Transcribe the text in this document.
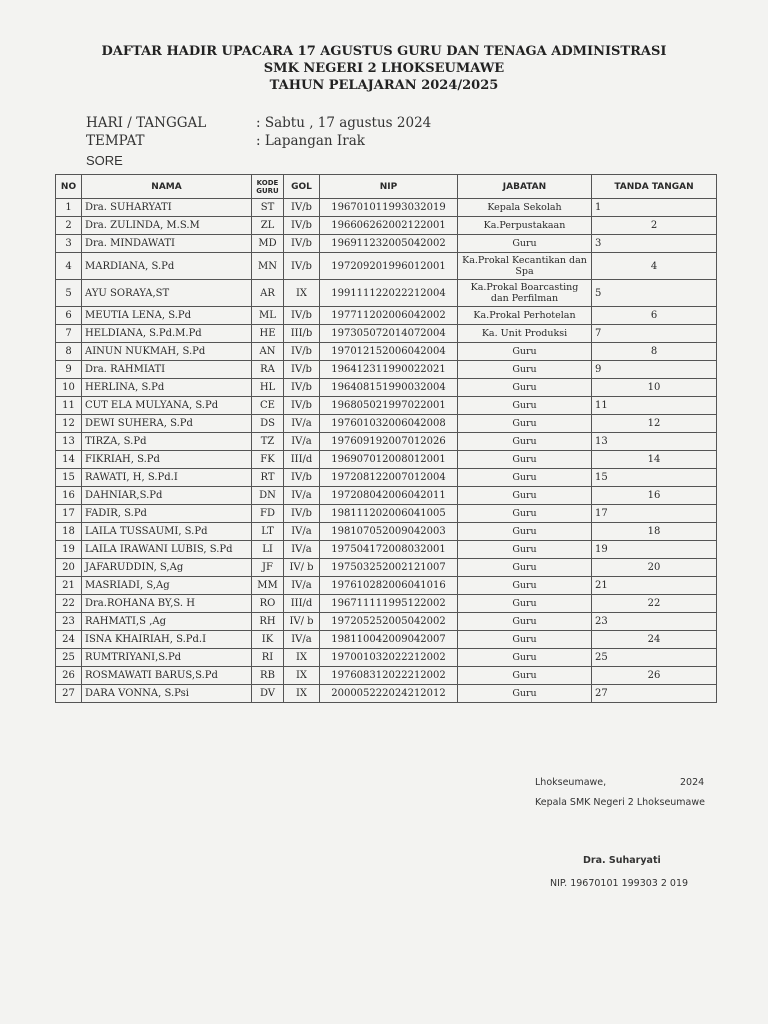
DAFTAR HADIR UPACARA 17 AGUSTUS GURU DAN TENAGA ADMINISTRASI
SMK NEGERI 2 LHOKSEUMAWE
TAHUN PELAJARAN 2024/2025
HARI / TANGGAL	: Sabtu , 17 agustus 2024
TEMPAT	: Lapangan Irak
SORE
NO	NAMA	KODE GURU	GOL	NIP	JABATAN	TANDA TANGAN
1	Dra. SUHARYATI	ST	IV/b	196701011993032019	Kepala Sekolah	1
2	Dra. ZULINDA, M.S.M	ZL	IV/b	196606262002122001	Ka.Perpustakaan	2
3	Dra. MINDAWATI	MD	IV/b	196911232005042002	Guru	3
4	MARDIANA, S.Pd	MN	IV/b	197209201996012001	Ka.Prokal Kecantikan dan Spa	4
5	AYU SORAYA,ST	AR	IX	199111122022212004	Ka.Prokal Boarcasting dan Perfilman	5
6	MEUTIA LENA, S.Pd	ML	IV/b	197711202006042002	Ka.Prokal Perhotelan	6
7	HELDIANA, S.Pd.M.Pd	HE	III/b	197305072014072004	Ka. Unit Produksi	7
8	AINUN NUKMAH, S.Pd	AN	IV/b	197012152006042004	Guru	8
9	Dra. RAHMIATI	RA	IV/b	196412311990022021	Guru	9
10	HERLINA, S.Pd	HL	IV/b	196408151990032004	Guru	10
11	CUT ELA MULYANA, S.Pd	CE	IV/b	196805021997022001	Guru	11
12	DEWI SUHERA, S.Pd	DS	IV/a	197601032006042008	Guru	12
13	TIRZA, S.Pd	TZ	IV/a	197609192007012026	Guru	13
14	FIKRIAH, S.Pd	FK	III/d	196907012008012001	Guru	14
15	RAWATI, H, S.Pd.I	RT	IV/b	197208122007012004	Guru	15
16	DAHNIAR,S.Pd	DN	IV/a	197208042006042011	Guru	16
17	FADIR, S.Pd	FD	IV/b	198111202006041005	Guru	17
18	LAILA TUSSAUMI, S.Pd	LT	IV/a	198107052009042003	Guru	18
19	LAILA IRAWANI LUBIS, S.Pd	LI	IV/a	197504172008032001	Guru	19
20	JAFARUDDIN, S,Ag	JF	IV/ b	197503252002121007	Guru	20
21	MASRIADI, S,Ag	MM	IV/a	197610282006041016	Guru	21
22	Dra.ROHANA BY,S. H	RO	III/d	196711111995122002	Guru	22
23	RAHMATI,S ,Ag	RH	IV/ b	197205252005042002	Guru	23
24	ISNA KHAIRIAH, S.Pd.I	IK	IV/a	198110042009042007	Guru	24
25	RUMTRIYANI,S.Pd	RI	IX	197001032022212002	Guru	25
26	ROSMAWATI BARUS,S.Pd	RB	IX	197608312022212002	Guru	26
27	DARA VONNA, S.Psi	DV	IX	200005222024212012	Guru	27
Lhokseumawe,	2024
Kepala SMK Negeri 2 Lhokseumawe
Dra. Suharyati
NIP. 19670101 199303 2 019
